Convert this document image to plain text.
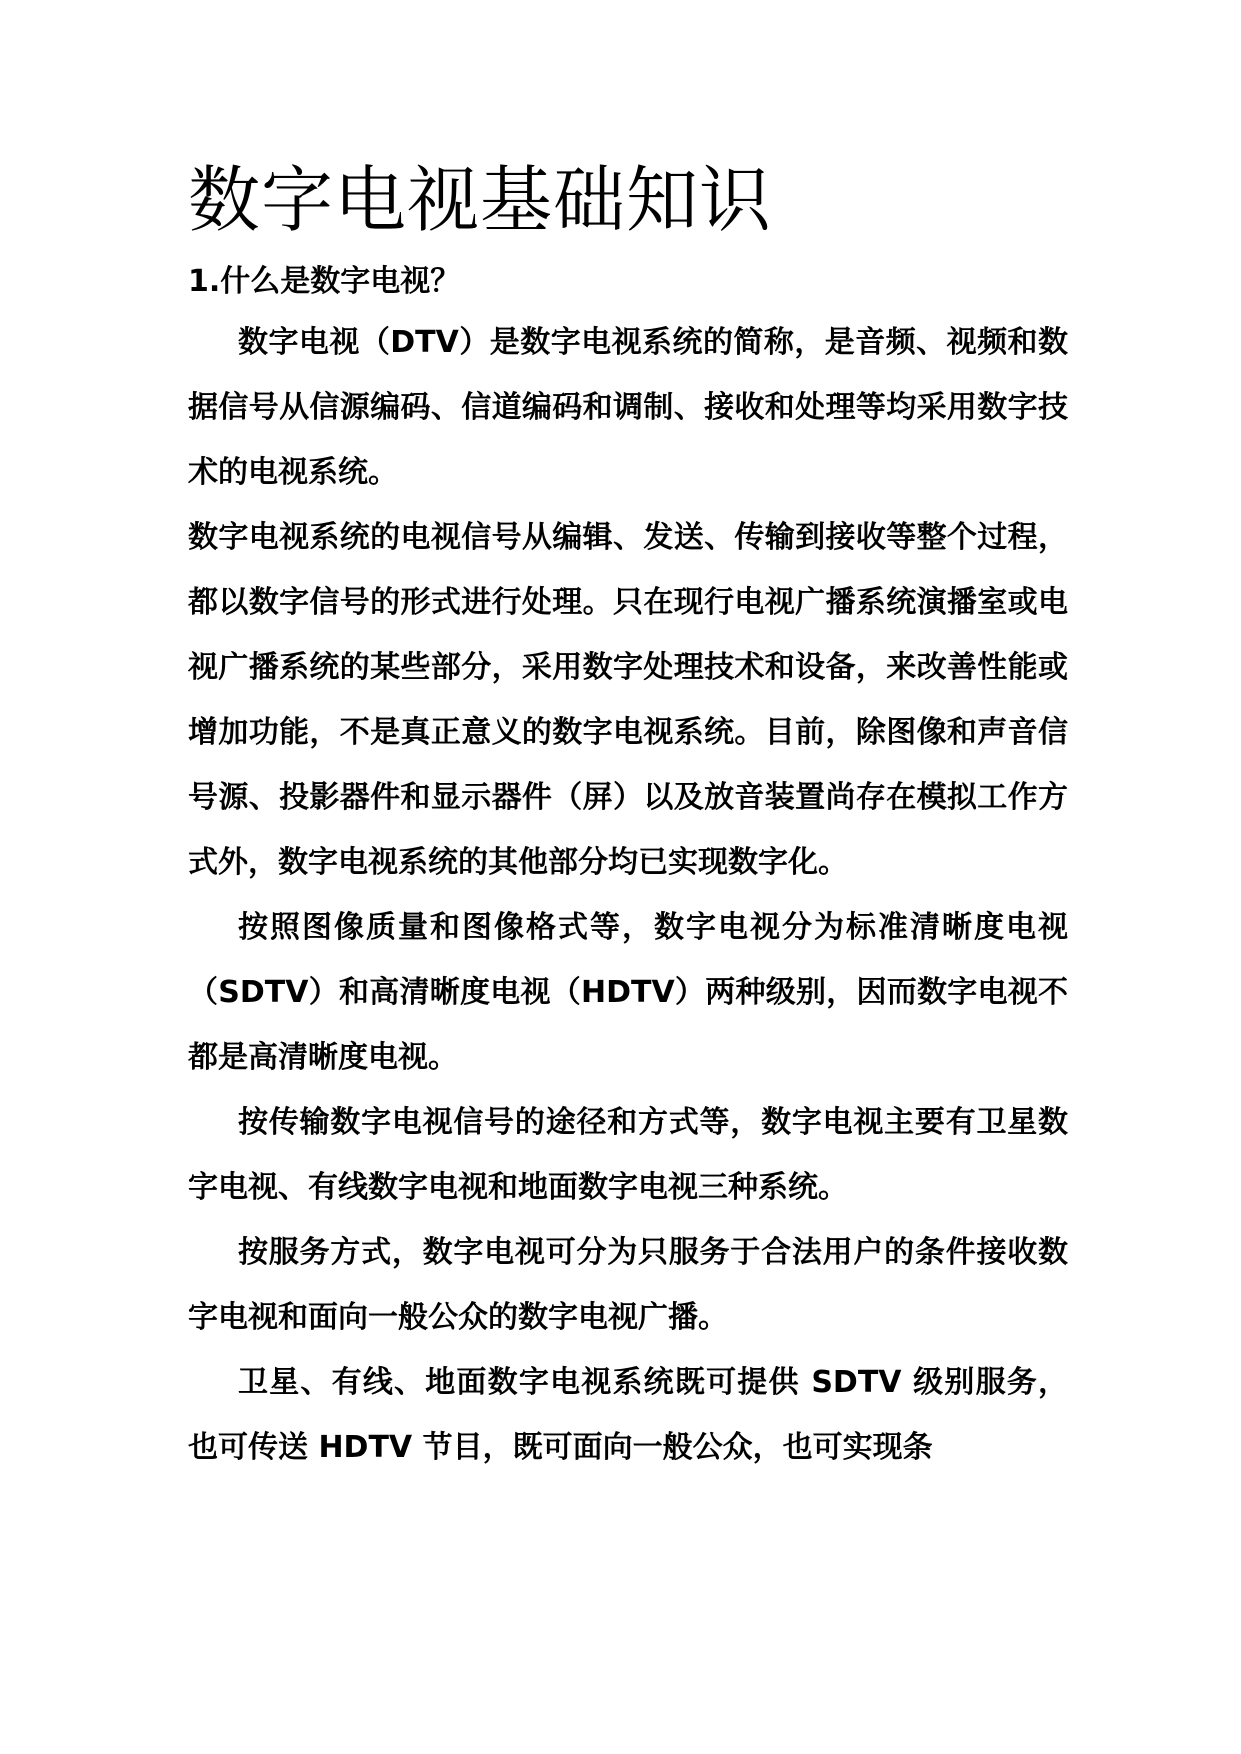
数字电视基础知识
1.什么是数字电视？

数字电视（DTV）是数字电视系统的简称，是音频、视频和数据信号从信源编码、信道编码和调制、接收和处理等均采用数字技术的电视系统。

数字电视系统的电视信号从编辑、发送、传输到接收等整个过程，都以数字信号的形式进行处理。只在现行电视广播系统演播室或电视广播系统的某些部分，采用数字处理技术和设备，来改善性能或增加功能，不是真正意义的数字电视系统。目前，除图像和声音信号源、投影器件和显示器件（屏）以及放音装置尚存在模拟工作方式外，数字电视系统的其他部分均已实现数字化。

按照图像质量和图像格式等，数字电视分为标准清晰度电视（SDTV）和高清晰度电视（HDTV）两种级别，因而数字电视不都是高清晰度电视。

按传输数字电视信号的途径和方式等，数字电视主要有卫星数字电视、有线数字电视和地面数字电视三种系统。

按服务方式，数字电视可分为只服务于合法用户的条件接收数字电视和面向一般公众的数字电视广播。

卫星、有线、地面数字电视系统既可提供 SDTV 级别服务，也可传送 HDTV 节目，既可面向一般公众，也可实现条
